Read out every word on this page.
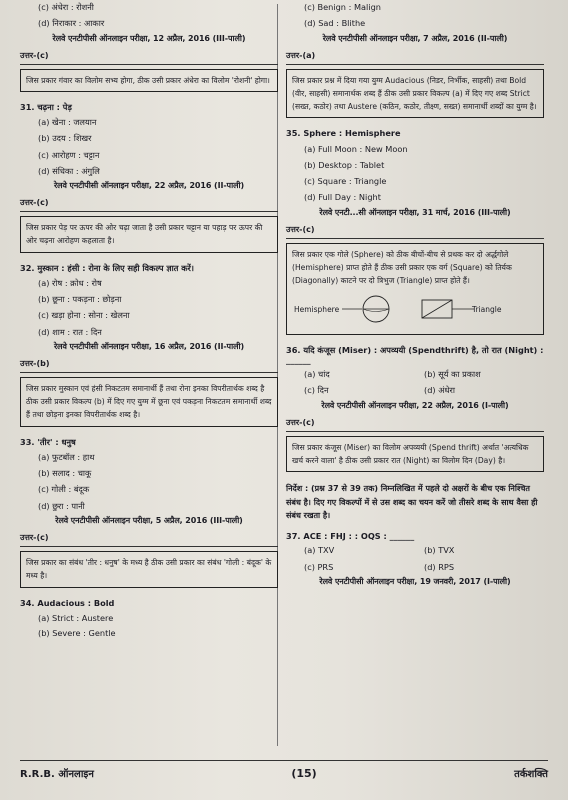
(c) अंधेरा : रोशनी
(d) निराकार : आकार
रेलवे एनटीपीसी ऑनलाइन परीक्षा, 12 अप्रैल, 2016 (III-पाली)
उत्तर-(c)
जिस प्रकार गंवार का विलोम सभ्य होगा, ठीक उसी प्रकार अंधेरा का विलोम 'रोशनी' होगा।
31. चढ़ना : पेड़
(a) खेना : जलयान
(b) उदय : शिखर
(c) आरोहण : चट्टान
(d) संधिका : अंगुलि
रेलवे एनटीपीसी ऑनलाइन परीक्षा, 22 अप्रैल, 2016 (II-पाली)
उत्तर-(c)
जिस प्रकार पेड़ पर ऊपर की ओर चढ़ा जाता है उसी प्रकार चट्टान या पहाड़ पर ऊपर की ओर चढ़ना आरोहण कहलाता है।
32. मुस्कान : हंसी : रोना के लिए सही विकल्प ज्ञात करें।
(a) रोष : क्रोध : रोष
(b) छूना : पकड़ना : छोड़ना
(c) खड़ा होना : सोना : खेलना
(d) शाम : रात : दिन
रेलवे एनटीपीसी ऑनलाइन परीक्षा, 16 अप्रैल, 2016 (II-पाली)
उत्तर-(b)
जिस प्रकार मुस्कान एवं हंसी निकटतम समानार्थी हैं तथा रोना इनका विपरीतार्थक शब्द है ठीक उसी प्रकार विकल्प (b) में दिए गए युग्म में छूना एवं पकड़ना निकटतम समानार्थी शब्द हैं तथा छोड़ना इनका विपरीतार्थक शब्द है।
33. 'तीर' : धनुष
(a) फुटबॉल : हाथ
(b) सलाद : चाकू
(c) गोली : बंदूक
(d) छुरा : पानी
रेलवे एनटीपीसी ऑनलाइन परीक्षा, 5 अप्रैल, 2016 (III-पाली)
उत्तर-(c)
जिस प्रकार का संबंध 'तीर : धनुष' के मध्य है ठीक उसी प्रकार का संबंध 'गोली : बंदूक' के मध्य है।
34. Audacious : Bold
(a) Strict : Austere
(b) Severe : Gentle
(c) Benign : Malign
(d) Sad : Blithe
रेलवे एनटीपीसी ऑनलाइन परीक्षा, 7 अप्रैल, 2016 (II-पाली)
उत्तर-(a)
जिस प्रकार प्रश्न में दिया गया युग्म Audacious (निडर, निर्भीक, साहसी) तथा Bold (वीर, साहसी) समानार्थक शब्द हैं ठीक उसी प्रकार विकल्प (a) में दिए गए शब्द Strict (सख्त, कठोर) तथा Austere (कठिन, कठोर, तीक्ष्ण, सख्त) समानार्थी शब्दों का युग्म है।
35. Sphere : Hemisphere
(a) Full Moon : New Moon
(b) Desktop : Tablet
(c) Square : Triangle
(d) Full Day : Night
रेलवे एनटी...सी ऑनलाइन परीक्षा, 31 मार्च, 2016 (III-पाली)
उत्तर-(c)
जिस प्रकार एक गोले (Sphere) को ठीक बीचों-बीच से प्रथक कर दो अर्द्धगोले (Hemisphere) प्राप्त होते हैं ठीक उसी प्रकार एक वर्ग (Square) को तिर्यक (Diagonally) काटने पर दो त्रिभुज (Triangle) प्राप्त होते हैं।
Hemisphere	Triangle
36. यदि कंजूस (Miser) : अपव्ययी (Spendthrift) है, तो रात (Night) : ______
(a) चांद	(b) सूर्य का प्रकाश
(c) दिन	(d) अंधेरा
रेलवे एनटीपीसी ऑनलाइन परीक्षा, 22 अप्रैल, 2016 (I-पाली)
उत्तर-(c)
जिस प्रकार कंजूस (Miser) का विलोम अपव्ययी (Spend thrift) अर्थात 'अत्यधिक खर्च करने वाला' है ठीक उसी प्रकार रात (Night) का विलोम दिन (Day) है।
निर्देश : (प्रश्न 37 से 39 तक) निम्नलिखित में पहले दो अक्षरों के बीच एक निश्चित संबंध है। दिए गए विकल्पों में से उस शब्द का चयन करें जो तीसरे शब्द के साथ वैसा ही संबंध रखता है।
37. ACE : FHJ : : OQS : ______
(a) TXV	(b) TVX
(c) PRS	(d) RPS
रेलवे एनटीपीसी ऑनलाइन परीक्षा, 19 जनवरी, 2017 (I-पाली)
R.R.B. ऑनलाइन	(15)	तर्कशक्ति
